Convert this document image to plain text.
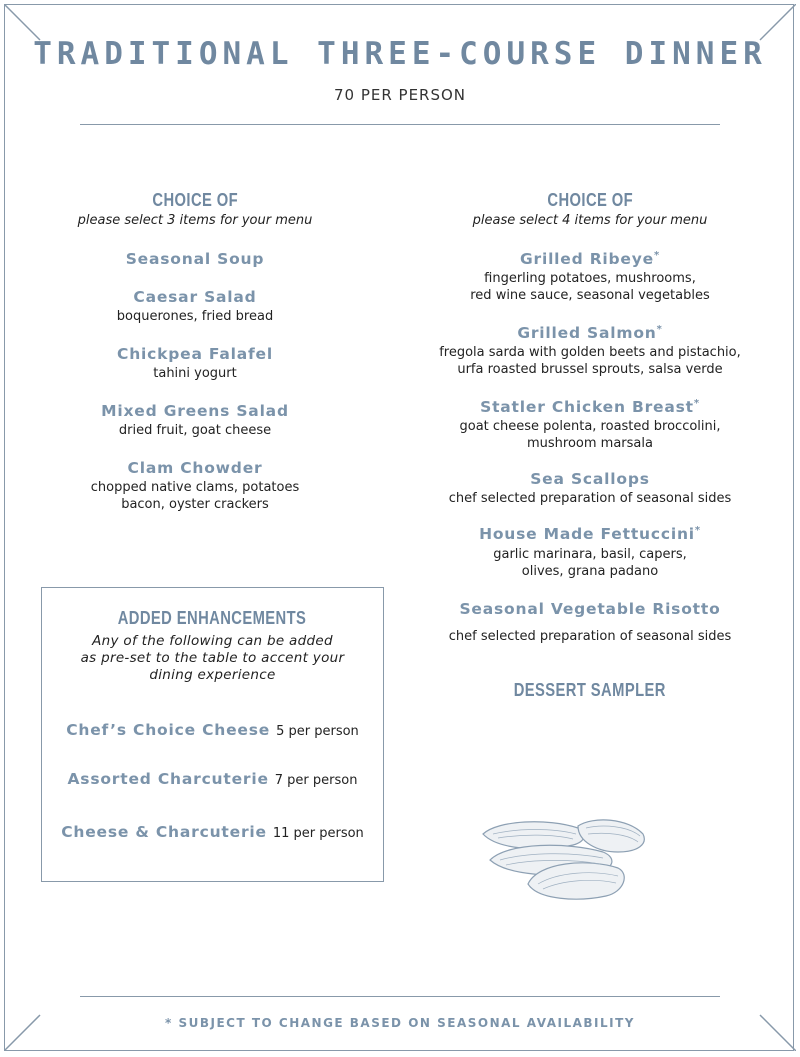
TRADITIONAL THREE-COURSE DINNER
70 PER PERSON
CHOICE OF
please select 3 items for your menu
Seasonal Soup
Caesar Salad
boquerones, fried bread
Chickpea Falafel
tahini yogurt
Mixed Greens Salad
dried fruit, goat cheese
Clam Chowder
chopped native clams, potatoes
bacon, oyster crackers
CHOICE OF
please select 4 items for your menu
Grilled Ribeye*
fingerling potatoes, mushrooms,
red wine sauce, seasonal vegetables
Grilled Salmon*
fregola sarda with golden beets and pistachio,
urfa roasted brussel sprouts, salsa verde
Statler Chicken Breast*
goat cheese polenta, roasted broccolini,
mushroom marsala
Sea Scallops
chef selected preparation of seasonal sides
House Made Fettuccini*
garlic marinara, basil, capers,
olives, grana padano
Seasonal Vegetable Risotto
chef selected preparation of seasonal sides
DESSERT SAMPLER
ADDED ENHANCEMENTS
Any of the following can be added
as pre-set to the table to accent your
dining experience
Chef’s Choice Cheese 5 per person
Assorted Charcuterie 7 per person
Cheese & Charcuterie 11 per person
* SUBJECT TO CHANGE BASED ON SEASONAL AVAILABILITY
